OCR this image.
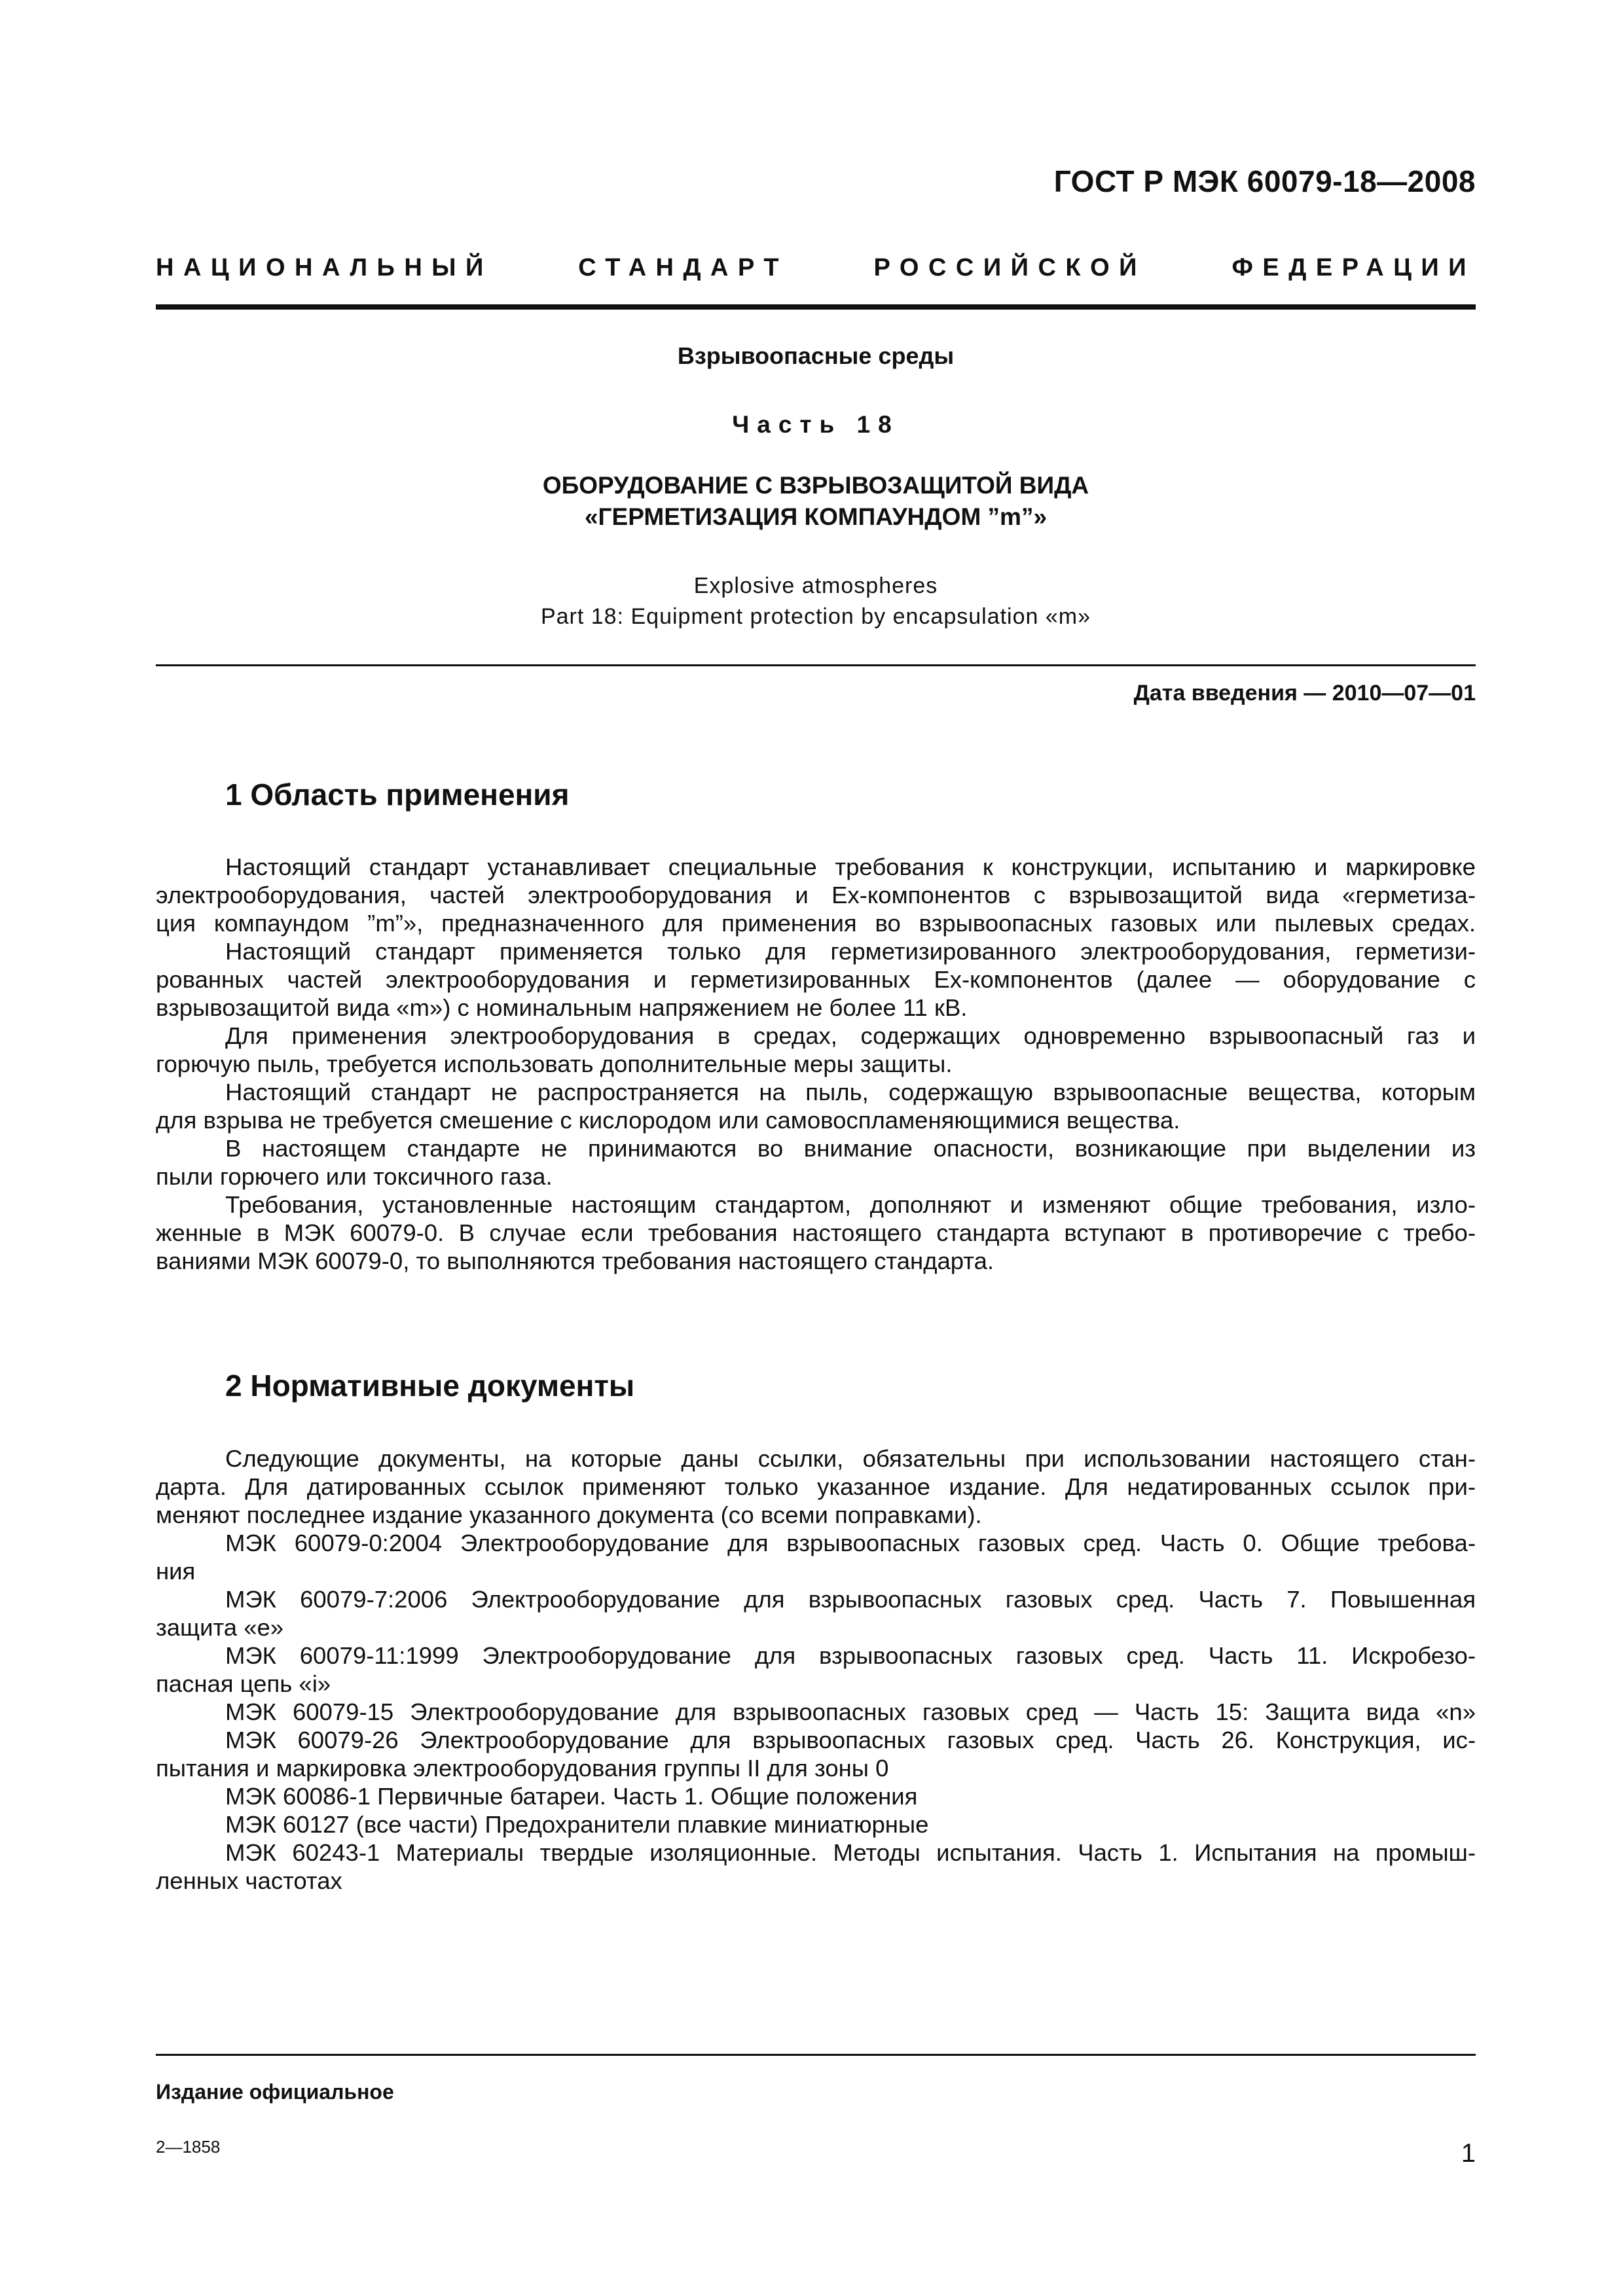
ГОСТ Р МЭК 60079-18—2008
НАЦИОНАЛЬНЫЙ СТАНДАРТ РОССИЙСКОЙ ФЕДЕРАЦИИ
Взрывоопасные среды
Часть 18
ОБОРУДОВАНИЕ С ВЗРЫВОЗАЩИТОЙ ВИДА
«ГЕРМЕТИЗАЦИЯ КОМПАУНДОМ ”m”»
Explosive atmospheres
Part 18: Equipment protection by encapsulation «m»
Дата введения — 2010—07—01
1 Область применения
Настоящий стандарт устанавливает специальные требования к конструкции, испытанию и маркировке
электрооборудования, частей электрооборудования и Ex-компонентов с взрывозащитой вида «герметиза-
ция компаундом ”m”», предназначенного для применения во взрывоопасных газовых или пылевых средах.
Настоящий стандарт применяется только для герметизированного электрооборудования, герметизи-
рованных частей электрооборудования и герметизированных Ex-компонентов (далее — оборудование с
взрывозащитой вида «m») с номинальным напряжением не более 11 кВ.
Для применения электрооборудования в средах, содержащих одновременно взрывоопасный газ и
горючую пыль, требуется использовать дополнительные меры защиты.
Настоящий стандарт не распространяется на пыль, содержащую взрывоопасные вещества, которым
для взрыва не требуется смешение с кислородом или самовоспламеняющимися вещества.
В настоящем стандарте не принимаются во внимание опасности, возникающие при выделении из
пыли горючего или токсичного газа.
Требования, установленные настоящим стандартом, дополняют и изменяют общие требования, изло-
женные в МЭК 60079-0. В случае если требования настоящего стандарта вступают в противоречие с требо-
ваниями МЭК 60079-0, то выполняются требования настоящего стандарта.
2 Нормативные документы
Следующие документы, на которые даны ссылки, обязательны при использовании настоящего стан-
дарта. Для датированных ссылок применяют только указанное издание. Для недатированных ссылок при-
меняют последнее издание указанного документа (со всеми поправками).
МЭК 60079-0:2004 Электрооборудование для взрывоопасных газовых сред. Часть 0. Общие требова-
ния
МЭК 60079-7:2006 Электрооборудование для взрывоопасных газовых сред. Часть 7. Повышенная
защита «е»
МЭК 60079-11:1999 Электрооборудование для взрывоопасных газовых сред. Часть 11. Искробезо-
пасная цепь «i»
МЭК 60079-15 Электрооборудование для взрывоопасных газовых сред — Часть 15: Защита вида «n»
МЭК 60079-26 Электрооборудование для взрывоопасных газовых сред. Часть 26. Конструкция, ис-
пытания и маркировка электрооборудования группы II для зоны 0
МЭК 60086-1 Первичные батареи. Часть 1. Общие положения
МЭК 60127 (все части) Предохранители плавкие миниатюрные
МЭК 60243-1 Материалы твердые изоляционные. Методы испытания. Часть 1. Испытания на промыш-
ленных частотах
Издание официальное
2—1858	1
